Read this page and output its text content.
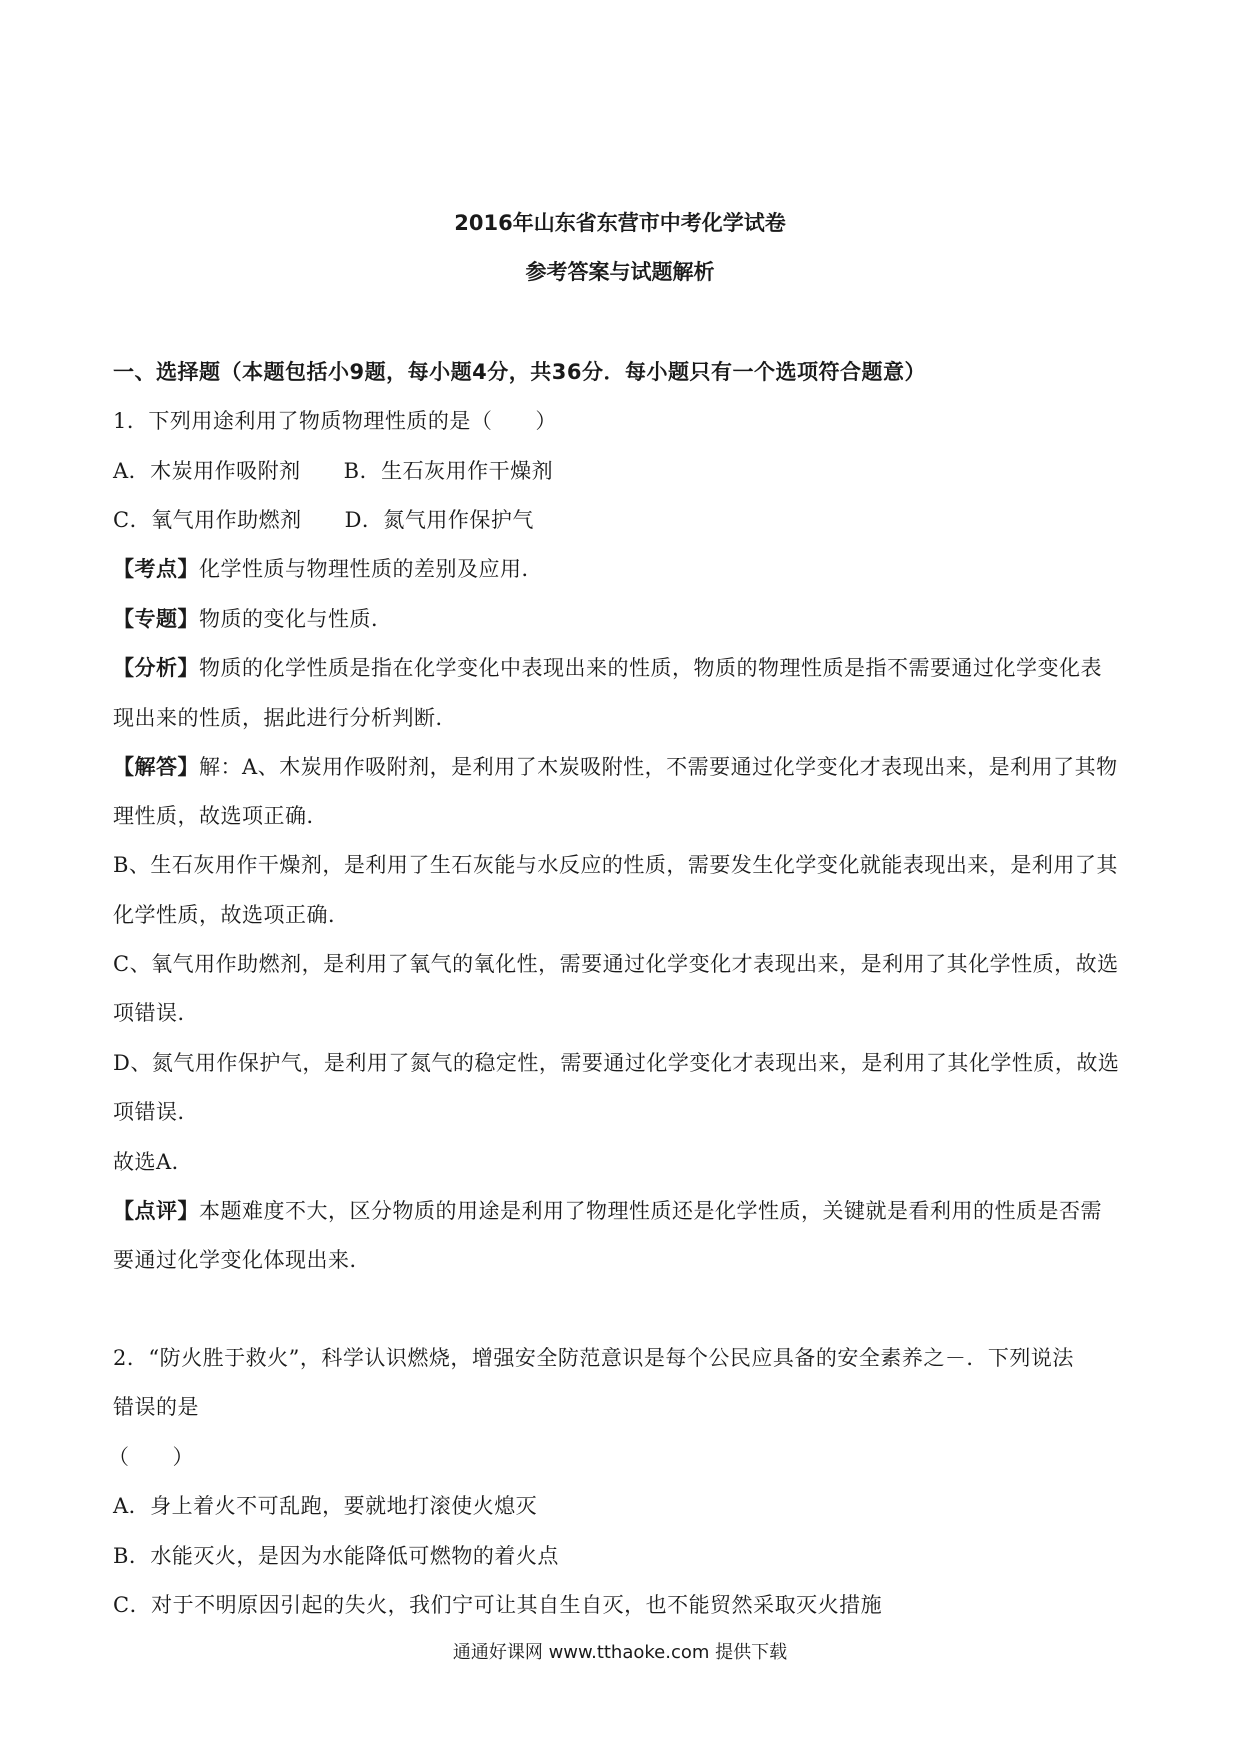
2016年山东省东营市中考化学试卷
参考答案与试题解析
一、选择题（本题包括小9题，每小题4分，共36分．每小题只有一个选项符合题意）
1．下列用途利用了物质物理性质的是（　　）
A．木炭用作吸附剂　　B．生石灰用作干燥剂
C．氧气用作助燃剂　　D．氮气用作保护气
【考点】化学性质与物理性质的差别及应用．
【专题】物质的变化与性质．
【分析】物质的化学性质是指在化学变化中表现出来的性质，物质的物理性质是指不需要通过化学变化表
现出来的性质，据此进行分析判断．
【解答】解：A、木炭用作吸附剂，是利用了木炭吸附性，不需要通过化学变化才表现出来，是利用了其物
理性质，故选项正确．
B、生石灰用作干燥剂，是利用了生石灰能与水反应的性质，需要发生化学变化就能表现出来，是利用了其
化学性质，故选项正确．
C、氧气用作助燃剂，是利用了氧气的氧化性，需要通过化学变化才表现出来，是利用了其化学性质，故选
项错误．
D、氮气用作保护气，是利用了氮气的稳定性，需要通过化学变化才表现出来，是利用了其化学性质，故选
项错误．
故选A．
【点评】本题难度不大，区分物质的用途是利用了物理性质还是化学性质，关键就是看利用的性质是否需
要通过化学变化体现出来．
2．“防火胜于救火”，科学认识燃烧，增强安全防范意识是每个公民应具备的安全素养之－．下列说法
错误的是
（　　）
A．身上着火不可乱跑，要就地打滚使火熄灭
B．水能灭火，是因为水能降低可燃物的着火点
C．对于不明原因引起的失火，我们宁可让其自生自灭，也不能贸然采取灭火措施
通通好课网 www.tthaoke.com 提供下载
